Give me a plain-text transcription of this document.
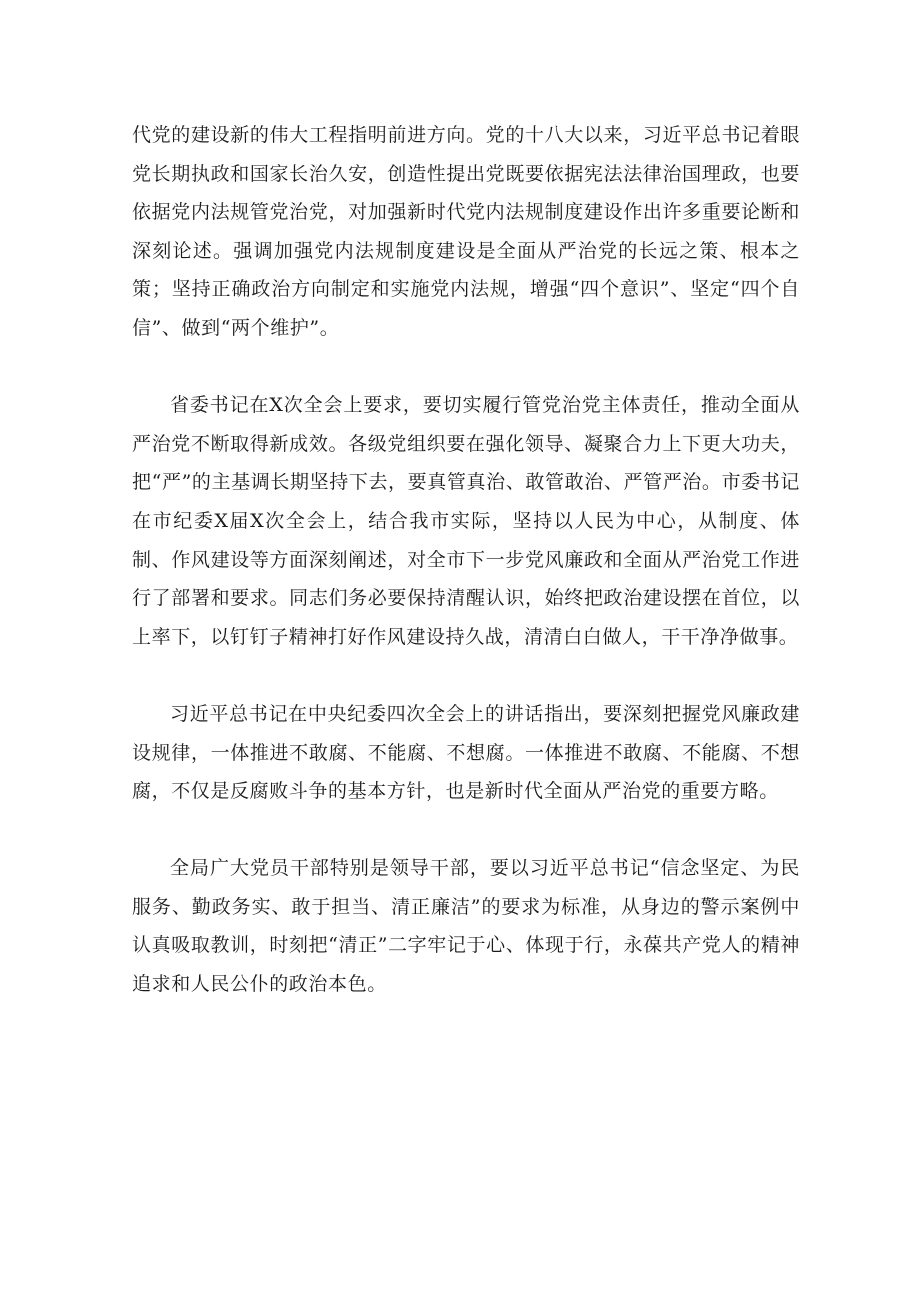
代党的建设新的伟大工程指明前进方向。党的十八大以来，习近平总书记着眼党长期执政和国家长治久安，创造性提出党既要依据宪法法律治国理政，也要依据党内法规管党治党，对加强新时代党内法规制度建设作出许多重要论断和深刻论述。强调加强党内法规制度建设是全面从严治党的长远之策、根本之策；坚持正确政治方向制定和实施党内法规，增强“四个意识”、坚定“四个自信”、做到“两个维护”。

省委书记在X次全会上要求，要切实履行管党治党主体责任，推动全面从严治党不断取得新成效。各级党组织要在强化领导、凝聚合力上下更大功夫，把“严”的主基调长期坚持下去，要真管真治、敢管敢治、严管严治。市委书记在市纪委X届X次全会上，结合我市实际，坚持以人民为中心，从制度、体制、作风建设等方面深刻阐述，对全市下一步党风廉政和全面从严治党工作进行了部署和要求。同志们务必要保持清醒认识，始终把政治建设摆在首位，以上率下，以钉钉子精神打好作风建设持久战，清清白白做人，干干净净做事。

习近平总书记在中央纪委四次全会上的讲话指出，要深刻把握党风廉政建设规律，一体推进不敢腐、不能腐、不想腐。一体推进不敢腐、不能腐、不想腐，不仅是反腐败斗争的基本方针，也是新时代全面从严治党的重要方略。

全局广大党员干部特别是领导干部，要以习近平总书记“信念坚定、为民服务、勤政务实、敢于担当、清正廉洁”的要求为标准，从身边的警示案例中认真吸取教训，时刻把“清正”二字牢记于心、体现于行，永葆共产党人的精神追求和人民公仆的政治本色。
